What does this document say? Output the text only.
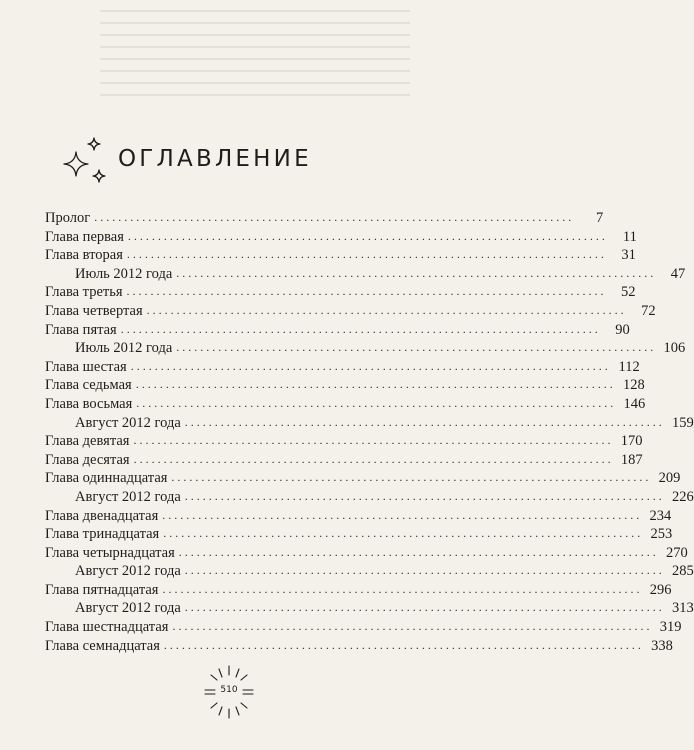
ОГЛАВЛЕНИЕ
Пролог ................................................................................	7
Глава первая ................................................................................	11
Глава вторая ................................................................................	31
Июль 2012 года ................................................................................	47
Глава третья ................................................................................	52
Глава четвертая ................................................................................	72
Глава пятая ................................................................................	90
Июль 2012 года ................................................................................ 106
Глава шестая ................................................................................ 112
Глава седьмая ................................................................................ 128
Глава восьмая ................................................................................ 146
Август 2012 года ................................................................................ 159
Глава девятая ................................................................................ 170
Глава десятая ................................................................................ 187
Глава одиннадцатая ................................................................................ 209
Август 2012 года ................................................................................ 226
Глава двенадцатая ................................................................................ 234
Глава тринадцатая ................................................................................ 253
Глава четырнадцатая ................................................................................ 270
Август 2012 года ................................................................................ 285
Глава пятнадцатая ................................................................................ 296
Август 2012 года ................................................................................ 313
Глава шестнадцатая ................................................................................ 319
Глава семнадцатая ................................................................................ 338
510
